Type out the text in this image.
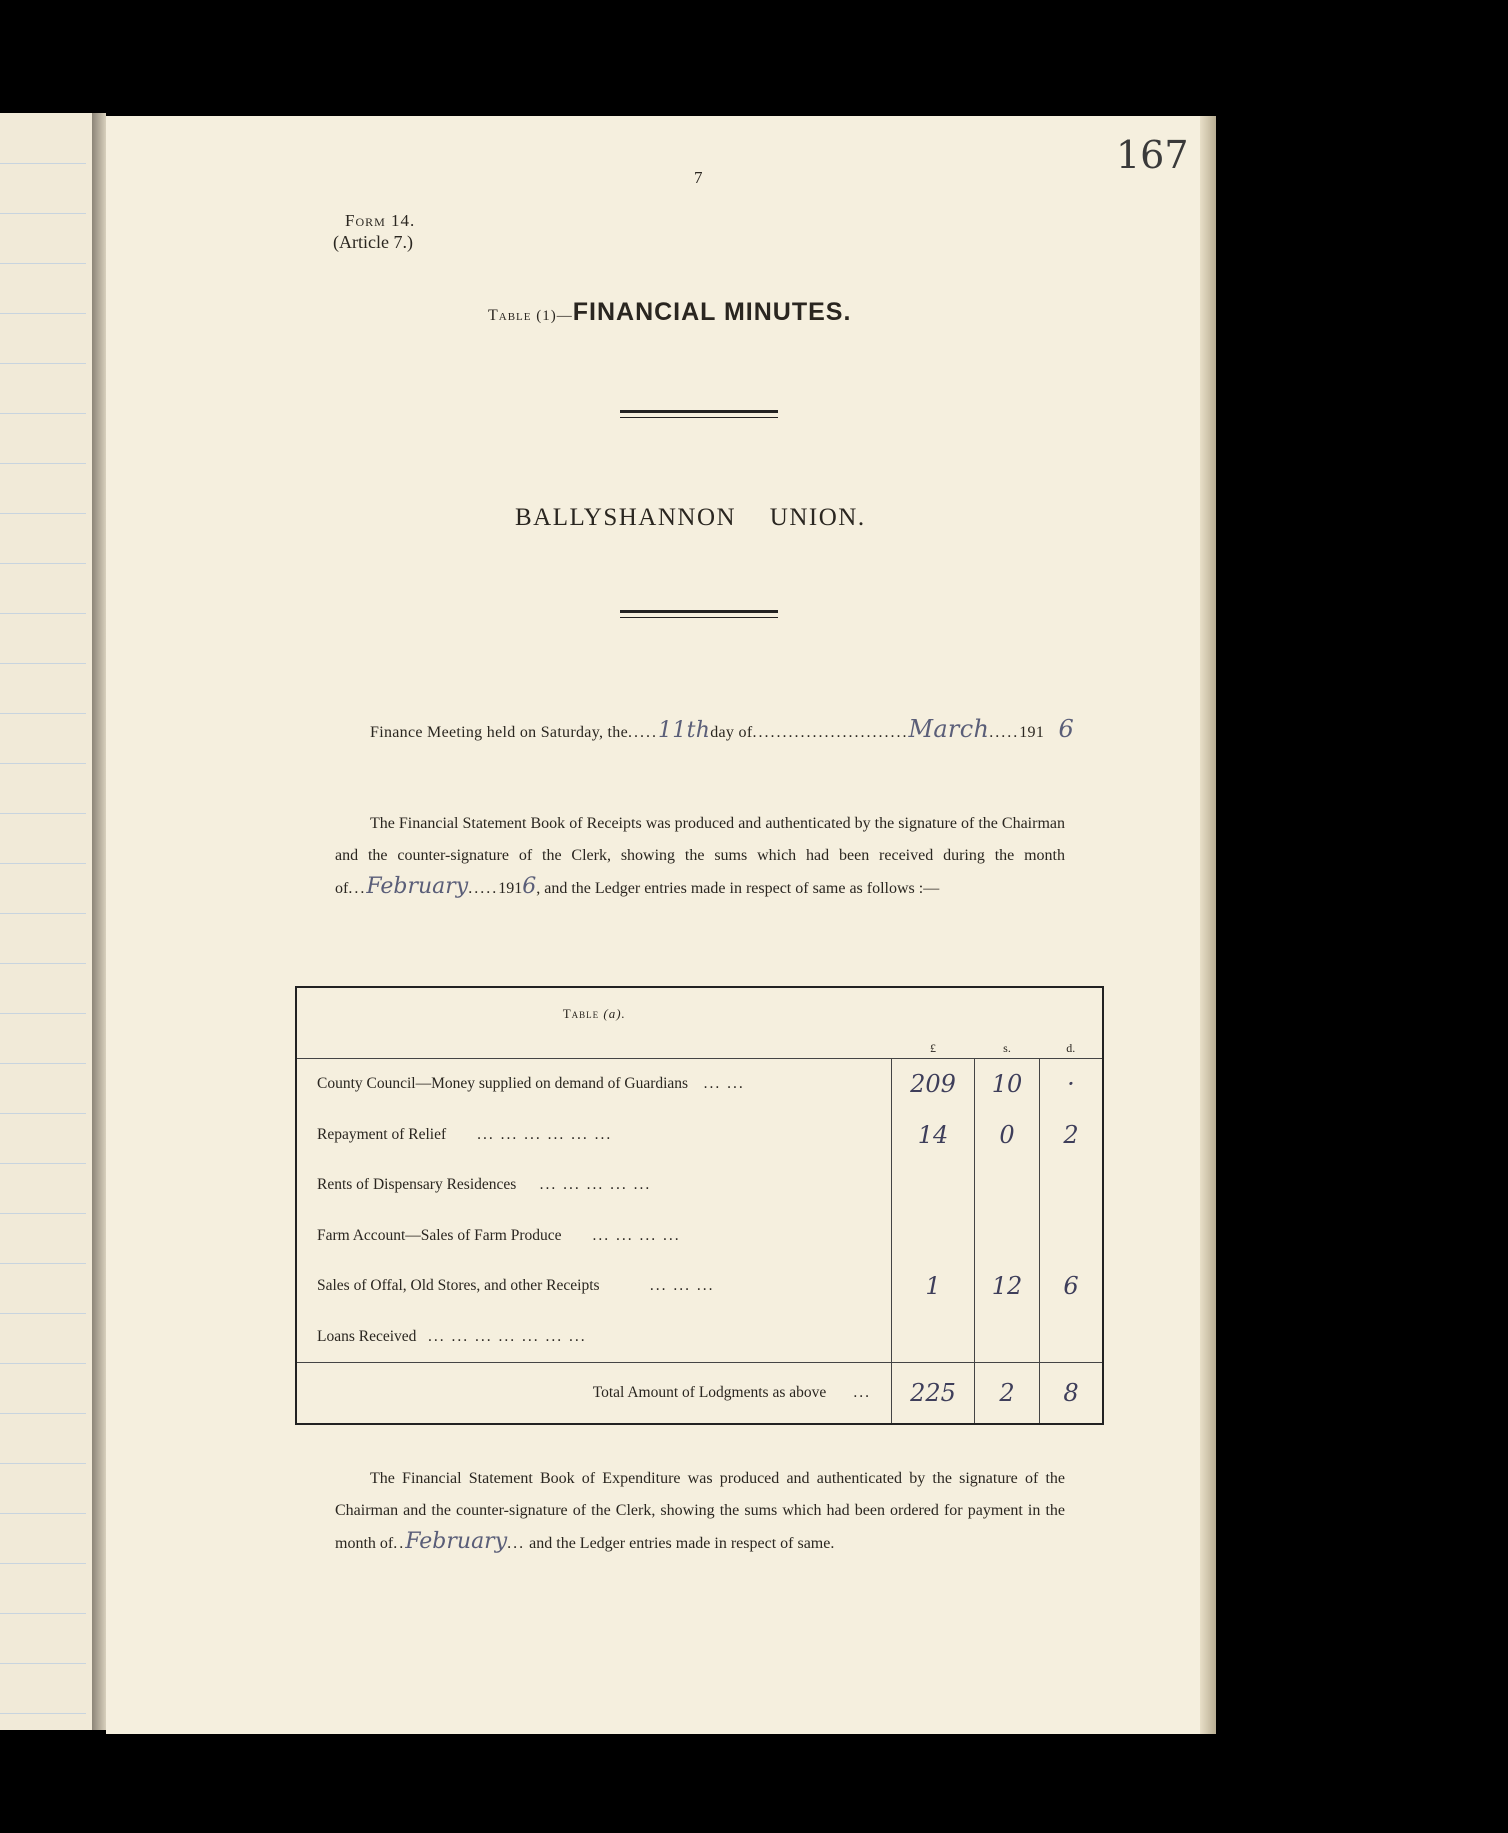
167
7
Form 14.
(Article 7.)
Table (1)—FINANCIAL MINUTES.
BALLYSHANNON UNION.
Finance Meeting held on Saturday, the.....11thday of..........................March.....191 6
The Financial Statement Book of Receipts was produced and authenticated by the signature of the Chairman and the counter-signature of the Clerk, showing the sums which had been received during the month of...February.....1916, and the Ledger entries made in respect of same as follows :—
Table (a).	£	s.	d.

County Council—Money supplied on demand of Guardians ... ...	209	10	·
Repayment of Relief ... ... ... ... ... ...	14	0	2
Rents of Dispensary Residences ... ... ... ... ...			
Farm Account—Sales of Farm Produce ... ... ... ...			
Sales of Offal, Old Stores, and other Receipts ... ... ...	1	12	6
Loans Received ... ... ... ... ... ... ...			
Total Amount of Lodgments as above ...	225	2	8
The Financial Statement Book of Expenditure was produced and authenticated by the signature of the Chairman and the counter-signature of the Clerk, showing the sums which had been ordered for payment in the month of..February... and the Ledger entries made in respect of same.
